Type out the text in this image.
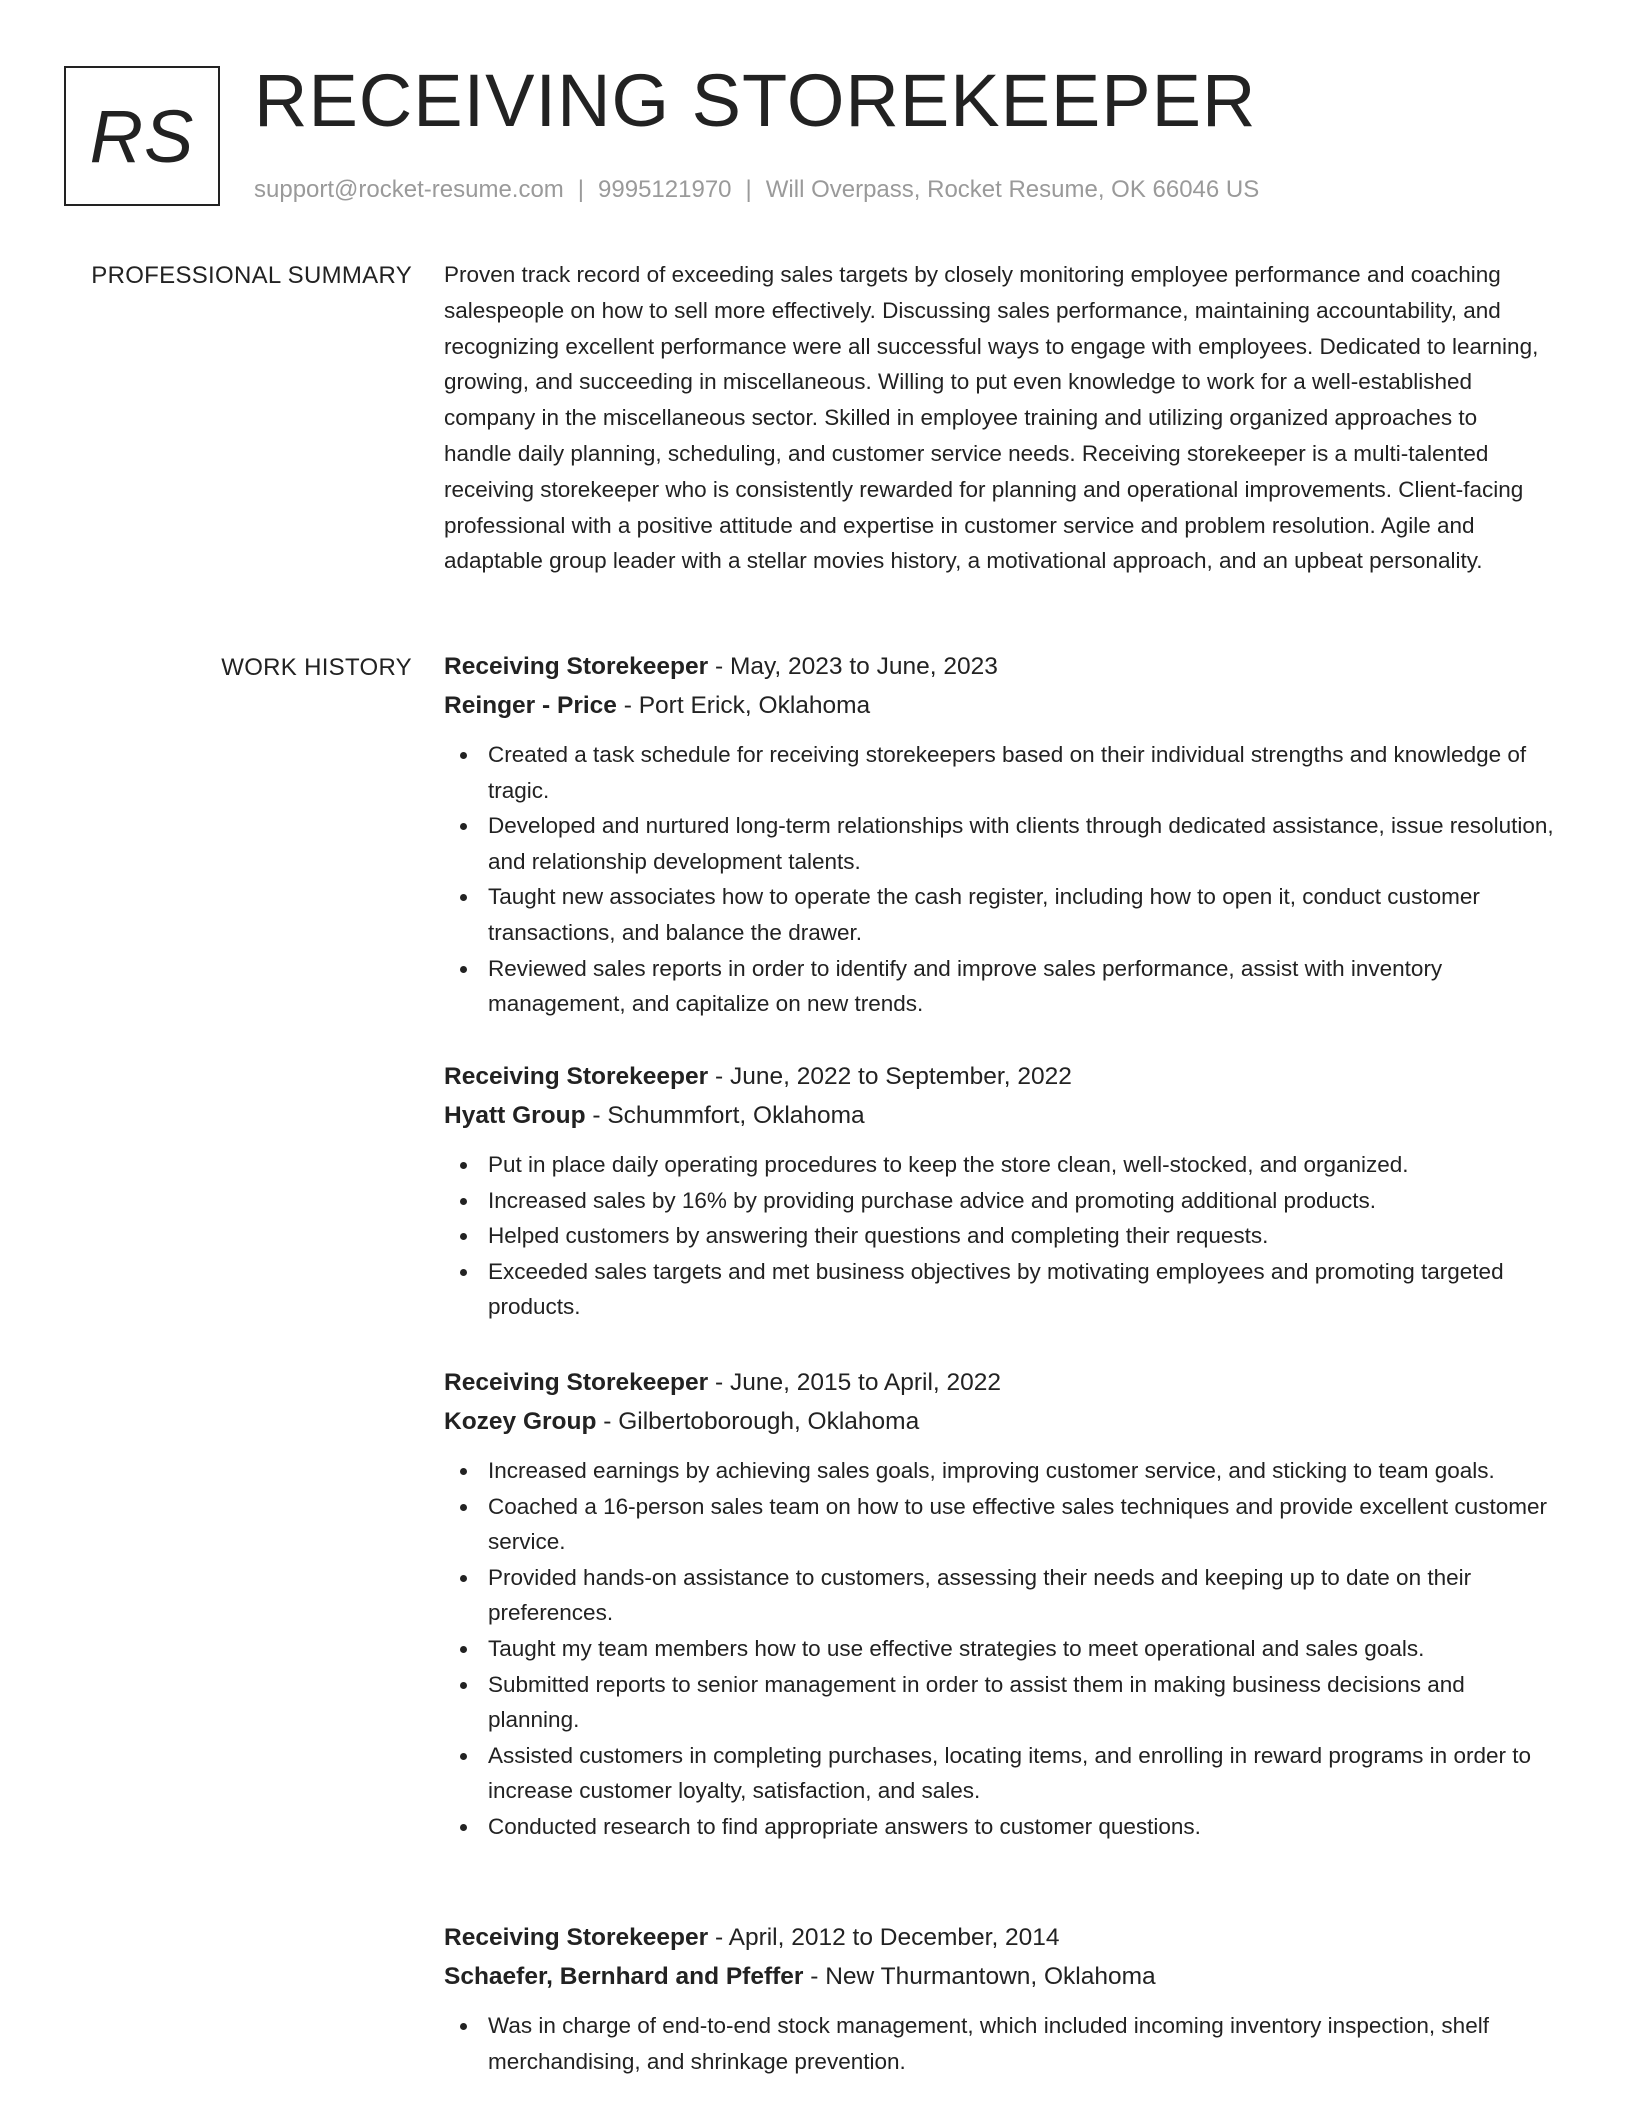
RS RECEIVING STOREKEEPER
support@rocket-resume.com | 9995121970 | Will Overpass, Rocket Resume, OK 66046 US
PROFESSIONAL SUMMARY Proven track record of exceeding sales targets by closely monitoring employee performance and coaching salespeople on how to sell more effectively. Discussing sales performance, maintaining accountability, and recognizing excellent performance were all successful ways to engage with employees. Dedicated to learning, growing, and succeeding in miscellaneous. Willing to put even knowledge to work for a well-established company in the miscellaneous sector. Skilled in employee training and utilizing organized approaches to handle daily planning, scheduling, and customer service needs. Receiving storekeeper is a multi-talented receiving storekeeper who is consistently rewarded for planning and operational improvements. Client-facing professional with a positive attitude and expertise in customer service and problem resolution. Agile and adaptable group leader with a stellar movies history, a motivational approach, and an upbeat personality.

WORK HISTORY Receiving Storekeeper - May, 2023 to June, 2023
Reinger - Price - Port Erick, Oklahoma
Created a task schedule for receiving storekeepers based on their individual strengths and knowledge of tragic.
Developed and nurtured long-term relationships with clients through dedicated assistance, issue resolution, and relationship development talents.
Taught new associates how to operate the cash register, including how to open it, conduct customer transactions, and balance the drawer.
Reviewed sales reports in order to identify and improve sales performance, assist with inventory management, and capitalize on new trends.
Receiving Storekeeper - June, 2022 to September, 2022
Hyatt Group - Schummfort, Oklahoma
Put in place daily operating procedures to keep the store clean, well-stocked, and organized.
Increased sales by 16% by providing purchase advice and promoting additional products.
Helped customers by answering their questions and completing their requests.
Exceeded sales targets and met business objectives by motivating employees and promoting targeted products.
Receiving Storekeeper - June, 2015 to April, 2022
Kozey Group - Gilbertoborough, Oklahoma
Increased earnings by achieving sales goals, improving customer service, and sticking to team goals.
Coached a 16-person sales team on how to use effective sales techniques and provide excellent customer service.
Provided hands-on assistance to customers, assessing their needs and keeping up to date on their preferences.
Taught my team members how to use effective strategies to meet operational and sales goals.
Submitted reports to senior management in order to assist them in making business decisions and planning.
Assisted customers in completing purchases, locating items, and enrolling in reward programs in order to increase customer loyalty, satisfaction, and sales.
Conducted research to find appropriate answers to customer questions.
Receiving Storekeeper - April, 2012 to December, 2014
Schaefer, Bernhard and Pfeffer - New Thurmantown, Oklahoma
Was in charge of end-to-end stock management, which included incoming inventory inspection, shelf merchandising, and shrinkage prevention.
